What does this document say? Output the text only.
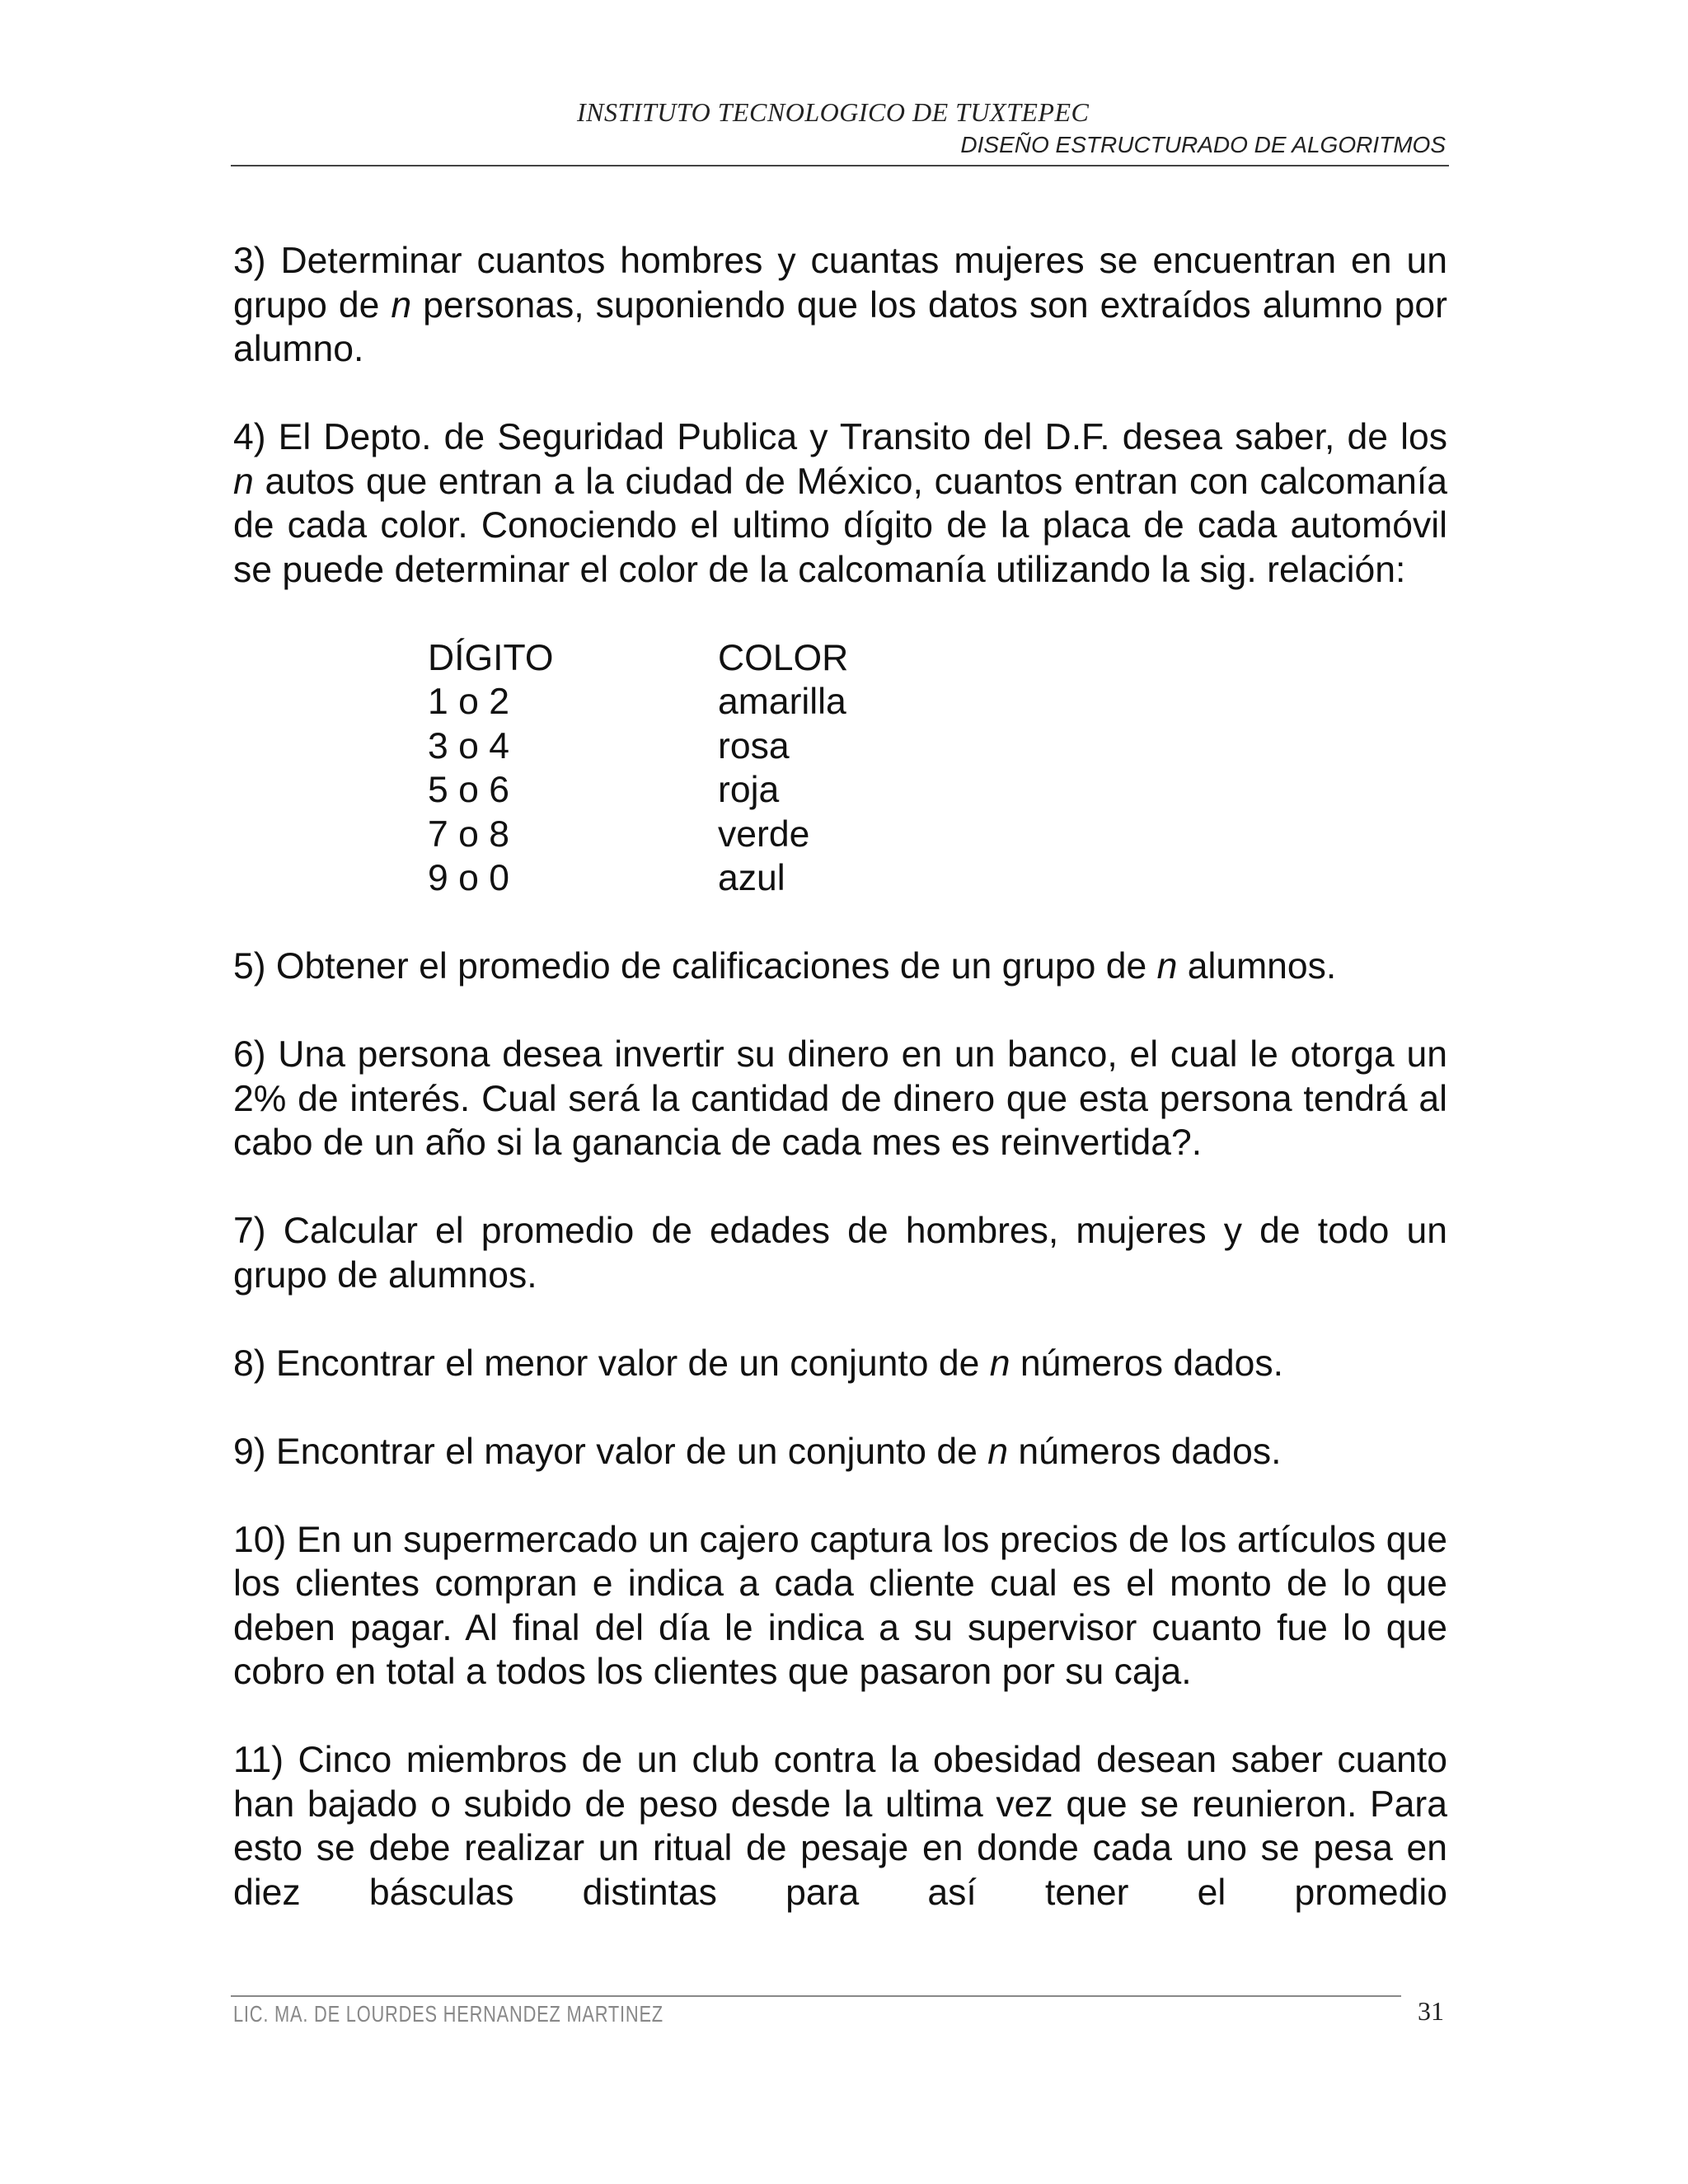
INSTITUTO TECNOLOGICO DE TUXTEPEC
DISEÑO ESTRUCTURADO DE ALGORITMOS

3) Determinar cuantos hombres y cuantas mujeres se encuentran en un grupo de n personas, suponiendo que los datos son extraídos alumno por alumno.

4) El Depto. de Seguridad Publica y Transito del D.F. desea saber, de los n autos que entran a la ciudad de México, cuantos entran con calcomanía de cada color. Conociendo el ultimo dígito de la placa de cada automóvil se puede determinar el color de la calcomanía utilizando la sig. relación:

DÍGITO	COLOR
1 o 2	amarilla
3 o 4	rosa
5 o 6	roja
7 o 8	verde
9 o 0	azul

5) Obtener el promedio de calificaciones de un grupo de n alumnos.

6) Una persona desea invertir su dinero en un banco, el cual le otorga un 2% de interés. Cual será la cantidad de dinero que esta persona tendrá al cabo de un año si la ganancia de cada mes es reinvertida?.

7) Calcular el promedio de edades de hombres, mujeres y de todo un grupo de alumnos.

8) Encontrar el menor valor de un conjunto de n números dados.

9) Encontrar el mayor valor de un conjunto de n números dados.

10) En un supermercado un cajero captura los precios de los artículos que los clientes compran e indica a cada cliente cual es el monto de lo que deben pagar. Al final del día le indica a su supervisor cuanto fue lo que cobro en total a todos los clientes que pasaron por su caja.

11) Cinco miembros de un club contra la obesidad desean saber cuanto han bajado o subido de peso desde la ultima vez que se reunieron. Para esto se debe realizar un ritual de pesaje en donde cada uno se pesa en diez básculas distintas para así tener el promedio

LIC. MA. DE LOURDES HERNANDEZ MARTINEZ	31
